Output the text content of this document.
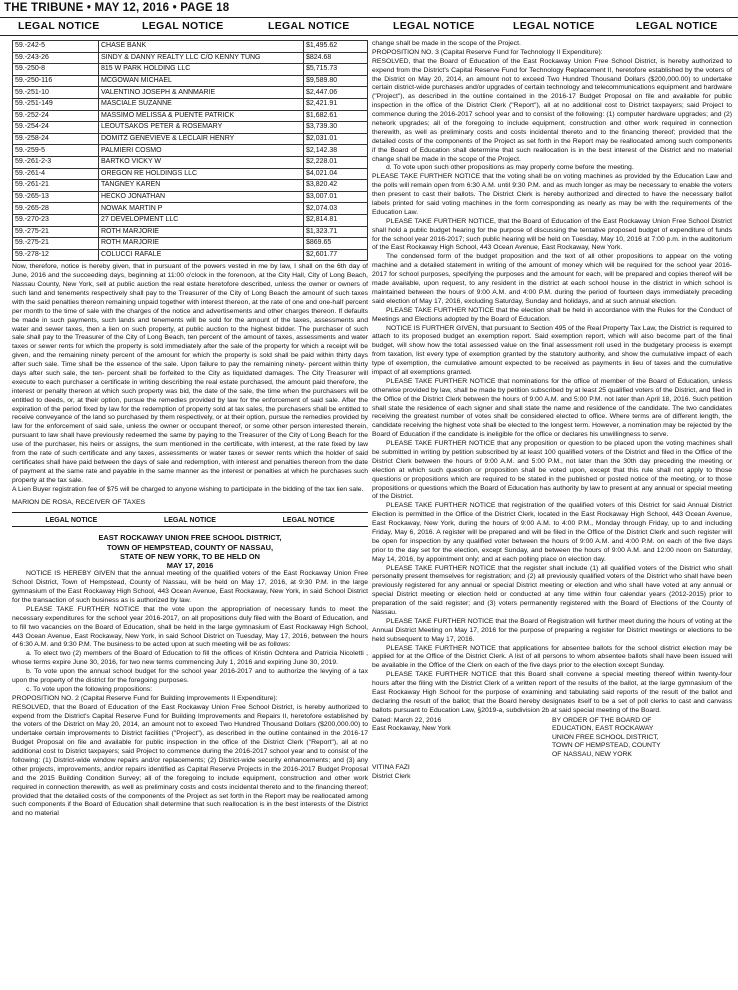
THE TRIBUNE • MAY 12, 2016 • PAGE 18
LEGAL NOTICE	LEGAL NOTICE	LEGAL NOTICE	LEGAL NOTICE	LEGAL NOTICE	LEGAL NOTICE
59.-242-5	CHASE BANK	$1,495.62
59.-243-26	SINDY & DANNY REALTY LLC C/O KENNY TUNG	$824.68
59.-250-8	815 W PARK HOLDING LLC	$5,715.73
59.-250-116	MCGOWAN MICHAEL	$9,589.80
59.-251-10	VALENTINO JOSEPH & ANNMARIE	$2,447.06
59.-251-149	MASCIALE SUZANNE	$2,421.91
59.-252-24	MASSIMO MELISSA & PUENTE PATRICK	$1,682.61
59.-254-24	LEOUTSAKOS PETER & ROSEMARY	$3,739.30
59.-258-24	DOMITZ GENEVIEVE & LECLAIR HENRY	$2,031.01
59.-259-5	PALMIERI COSMO	$2,142.38
59.-261-2-3	BARTKO VICKY W	$2,228.01
59.-261-4	OREGON RE HOLDINGS LLC	$4,021.04
59.-261-21	TANGNEY KAREN	$3,820.42
59.-265-13	HECKO JONATHAN	$3,007.01
59.-265-28	NOWAK MARTIN P	$2,074.03
59.-270-23	27 DEVELOPMENT LLC	$2,814.81
59.-275-21	ROTH MARJORIE	$1,323.71
59.-275-21	ROTH MARJORIE	$869.65
59.-278-12	COLUCCI RAFALE	$2,601.77

Now, therefore, notice is hereby given, that in pursuant of the powers vested in me by law, I shall on the 6th day of June, 2016 and the succeeding days, beginning at 11:00 o'clock in the forenoon, at the City Hall, City of Long Beach, Nassau County, New York, sell at public auction the real estate heretofore described, unless the owner or owners of such land and tenements respectively shall pay to the Treasurer of the City of Long Beach the amount of such taxes with the said penalties thereon remaining unpaid together with interest thereon, at the rate of one and one-half percent per month to the time of sale with the charges of the notice and advertisements and other charges thereon. If defaults be made in such payments, such lands and tenements will be sold for the amount of the taxes, assessments and water and sewer taxes, then a lien on such property, at public auction to the highest bidder. The purchaser of such sale shall pay to the Treasurer of the City of Long Beach, ten percent of the amount of taxes, assessments and water taxes or sewer rents for which the property is sold immediately after the sale of the property for which a receipt will be given, and the remaining ninety percent of the amount for which the property is sold shall be paid within thirty days after such sale. Time shall be the essence of the sale. Upon failure to pay the remaining ninety- percent within thirty days after such sale, the ten- percent shall be forfeited to the City as liquidated damages. The City Treasurer will execute to each purchaser a certificate in writing describing the real estate purchased, the amount paid therefore, the interest or penalty thereon at which such property was bid, the date of the sale, the time when the purchasers will be entitled to deeds, or, at their option, pursue the remedies provided by law for the enforcement of said sale. After the expiration of the period fixed by law for the redemption of property sold at tax sales, the purchasers shall be entitled to receive conveyance of the land so purchased by them respectively, or at their option, pursue the remedies provided by law for the enforcement of said sale, unless the owner or occupant thereof, or some other person interested therein, pursuant to law shall have previously redeemed the same by paying to the Treasurer of the City of Long Beach for the use of the purchaser, his heirs or assigns, the sum mentioned in the certificate, with interest, at the rate fixed by law from the rate of such certificate and any taxes, assessments or water taxes or sewer rents which the holder of said certificates shall have paid between the days of sale and redemption, with interest and penalties thereon from the date of payment at the same rate and payable in the same manner as the interest or penalties at which he purchases such property at the tax sale.

A Lien Buyer registration fee of $75 will be charged to anyone wishing to participate in the bidding of the tax lien sale.

MARION DE ROSA, RECEIVER OF TAXES

LEGAL NOTICE	LEGAL NOTICE	LEGAL NOTICE
EAST ROCKAWAY UNION FREE SCHOOL DISTRICT,
TOWN OF HEMPSTEAD, COUNTY OF NASSAU,
STATE OF NEW YORK, TO BE HELD ON
MAY 17, 2016

NOTICE IS HEREBY GIVEN that the annual meeting of the qualified voters of the East Rockaway Union Free School District, Town of Hempstead, County of Nassau, will be held on May 17, 2016, at 9:30 P.M. in the large gymnasium of the East Rockaway High School, 443 Ocean Avenue, East Rockaway, New York, in said School District for the transaction of such business as is authorized by law.

PLEASE TAKE FURTHER NOTICE that the vote upon the appropriation of necessary funds to meet the necessary expenditures for the school year 2016-2017, on all propositions duly filed with the Board of Education, and to fill two vacancies on the Board of Education, shall be held in the large gymnasium of East Rockaway High School, 443 Ocean Avenue, East Rockaway, New York, in said School District on Tuesday, May 17, 2016, between the hours of 6:30 A.M. and 9:30 P.M. The business to be acted upon at such meeting will be as follows:

a. To elect two (2) members of the Board of Education to fill the offices of Kristin Ochtera and Patricia Nicoletti , whose terms expire June 30, 2016, for two new terms commencing July 1, 2016 and expiring June 30, 2019.

b. To vote upon the annual school budget for the school year 2016-2017 and to authorize the levying of a tax upon the property of the district for the foregoing purposes.

c. To vote upon the following propositions:

PROPOSITION NO. 2 (Capital Reserve Fund for Building Improvements II Expenditure):

RESOLVED, that the Board of Education of the East Rockaway Union Free School District, is hereby authorized to expend from the District's Capital Reserve Fund for Building Improvements and Repairs II, heretofore established by the voters of the District on May 20, 2014, an amount not to exceed Two Hundred Thousand Dollars ($200,000.00) to undertake certain improvements to District facilities ("Project"), as described in the outline contained in the 2016-17 Budget Proposal on file and available for public inspection in the office of the District Clerk ("Report"), all at no additional cost to District taxpayers; said Project to commence during the 2016-2017 school year and to consist of the following: (1) District-wide window repairs and/or replacements; (2) District-wide security enhancements; and (3) any other projects, improvements, and/or repairs identified as Capital Reserve Projects in the 2016-2017 Budget Proposal and the 2015 Building Condition Survey; all of the foregoing to include equipment, construction and other work required in connection therewith, as well as preliminary costs and costs incidental thereto and to the financing thereof; provided that the detailed costs of the components of the Project as set forth in the Report may be reallocated among such components if the Board of Education shall determine that such reallocation is in the best interests of the District and no material

change shall be made in the scope of the Project.

PROPOSITION NO. 3 (Capital Reserve Fund for Technology II Expenditure):

RESOLVED, that the Board of Education of the East Rockaway Union Free School District, is hereby authorized to expend from the District's Capital Reserve Fund for Technology Replacement II, heretofore established by the voters of the District on May 20, 2014, an amount not to exceed Two Hundred Thousand Dollars ($200,000.00) to undertake certain district-wide purchases and/or upgrades of certain technology and telecommunications equipment and hardware ("Project"), as described in the outline contained in the 2016-17 Budget Proposal on file and available for public inspection in the office of the District Clerk ("Report"), all at no additional cost to District taxpayers; said Project to commence during the 2016-2017 school year and to consist of the following: (1) computer hardware upgrades; and (2) network upgrades; all of the foregoing to include equipment, construction and other work required in connection therewith, as well as preliminary costs and costs incidental thereto and to the financing thereof; provided that the detailed costs of the components of the Project as set forth in the Report may be reallocated among such components if the Board of Education shall determine that such reallocation is in the best interest of the District and no material change shall be made in the scope of the Project.

d. To vote upon such other propositions as may properly come before the meeting.

PLEASE TAKE FURTHER NOTICE that the voting shall be on voting machines as provided by the Education Law and the polls will remain open from 6:30 A.M. until 9:30 P.M. and as much longer as may be necessary to enable the voters then present to cast their ballots. The District Clerk is hereby authorized and directed to have the necessary ballot labels printed for said voting machines in the form corresponding as nearly as may be with the requirements of the Education Law.

PLEASE TAKE FURTHER NOTICE, that the Board of Education of the East Rockaway Union Free School District shall hold a public budget hearing for the purpose of discussing the tentative proposed budget of expenditure of funds for the school year 2016-2017; such public hearing will be held on Tuesday, May 10, 2016 at 7:00 p.m. in the auditorium of the East Rockaway High School, 443 Ocean Avenue, East Rockaway, New York.

The condensed form of the budget proposition and the text of all other propositions to appear on the voting machine and a detailed statement in writing of the amount of money which will be required for the school year 2016-2017 for school purposes, specifying the purposes and the amount for each, will be prepared and copies thereof will be made available, upon request, to any resident in the district at each school house in the district in which school is maintained between the hours of 9:00 A.M. and 4:00 P.M. during the period of fourteen days immediately preceding said election of May 17, 2016, excluding Saturday, Sunday and holidays, and at such annual election.

PLEASE TAKE FURTHER NOTICE that the election shall be held in accordance with the Rules for the Conduct of Meetings and Elections adopted by the Board of Education.

NOTICE IS FURTHER GIVEN, that pursuant to Section 495 of the Real Property Tax Law, the District is required to attach to its proposed budget an exemption report. Said exemption report, which will also become part of the final budget, will show how the total assessed value on the final assessment roll used in the budgetary process is exempt from taxation, list every type of exemption granted by the statutory authority, and show the cumulative impact of each type of exemption, the cumulative amount expected to be received as payments in lieu of taxes and the cumulative impact of all exemptions granted.

PLEASE TAKE FURTHER NOTICE that nominations for the office of member of the Board of Education, unless otherwise provided by law, shall be made by petition subscribed by at least 25 qualified voters of the District, and filed in the Office of the District Clerk between the hours of 9:00 A.M. and 5:00 P.M. not later than April 18, 2016. Such petition shall state the residence of each signer and shall state the name and residence of the candidate. The two candidates receiving the greatest number of votes shall be considered elected to office. Where terms are of different length, the candidate receiving the highest vote shall be elected to the longest term. However, a nomination may be rejected by the Board of Education if the candidate is ineligible for the office or declares his unwillingness to serve.

PLEASE TAKE FURTHER NOTICE that any proposition or question to be placed upon the voting machines shall be submitted in writing by petition subscribed by at least 100 qualified voters of the District and filed in the Office of the District Clerk between the hours of 9:00 A.M. and 5:00 P.M., not later than the 30th day preceding the meeting or election at which such question or proposition shall be voted upon, except that this rule shall not apply to those questions or propositions which are required to be stated in the published or posted notice of the meeting, or to those propositions or questions which the Board of Education has authority by law to present at any annual or special meeting of the District.

PLEASE TAKE FURTHER NOTICE that registration of the qualified voters of this District for said Annual District Election is permitted in the Office of the District Clerk, located in the East Rockaway High School, 443 Ocean Avenue, East Rockaway, New York, during the hours of 9:00 A.M. to 4:00 P.M., Monday through Friday, up to and including Friday, May 6, 2016. A register will be prepared and will be filed in the Office of the District Clerk and such register will be open for inspection by any qualified voter between the hours of 9:00 A.M. and 4:00 P.M. on each of the five days prior to the day set for the election, except Sunday, and between the hours of 9:00 A.M. and 12:00 noon on Saturday, May 14, 2016, by appointment only; and at each polling place on election day.

PLEASE TAKE FURTHER NOTICE that the register shall include (1) all qualified voters of the District who shall personally present themselves for registration; and (2) all previously qualified voters of the District who shall have been previously registered for any annual or special District meeting or election and who shall have voted at any annual or special District meeting or election held or conducted at any time within four calendar years (2012-2015) prior to preparation of the said register; and (3) voters permanently registered with the Board of Elections of the County of Nassau.

PLEASE TAKE FURTHER NOTICE that the Board of Registration will further meet during the hours of voting at the Annual District Meeting on May 17, 2016 for the purpose of preparing a register for District meetings or elections to be held subsequent to May 17, 2016.

PLEASE TAKE FURTHER NOTICE that applications for absentee ballots for the school district election may be applied for at the Office of the District Clerk. A list of all persons to whom absentee ballots shall have been issued will be available in the Office of the Clerk on each of the five days prior to the election except Sunday.

PLEASE TAKE FURTHER NOTICE that this Board shall convene a special meeting thereof within twenty-four hours after the filing with the District Clerk of a written report of the results of the ballot, at the large gymnasium of the East Rockaway High School for the purpose of examining and tabulating said reports of the result of the ballot and declaring the result of the ballot; that the Board hereby designates itself to be a set of poll clerks to cast and canvass ballots pursuant to Education Law, §2019-a, subdivision 2b at said special meeting of the Board.

Dated: March 22, 2016
East Rockaway, New York
BY ORDER OF THE BOARD OF
EDUCATION, EAST ROCKAWAY
UNION FREE SCHOOL DISTRICT,
TOWN OF HEMPSTEAD, COUNTY
OF NASSAU, NEW YORK
VITINA FAZI
District Clerk
